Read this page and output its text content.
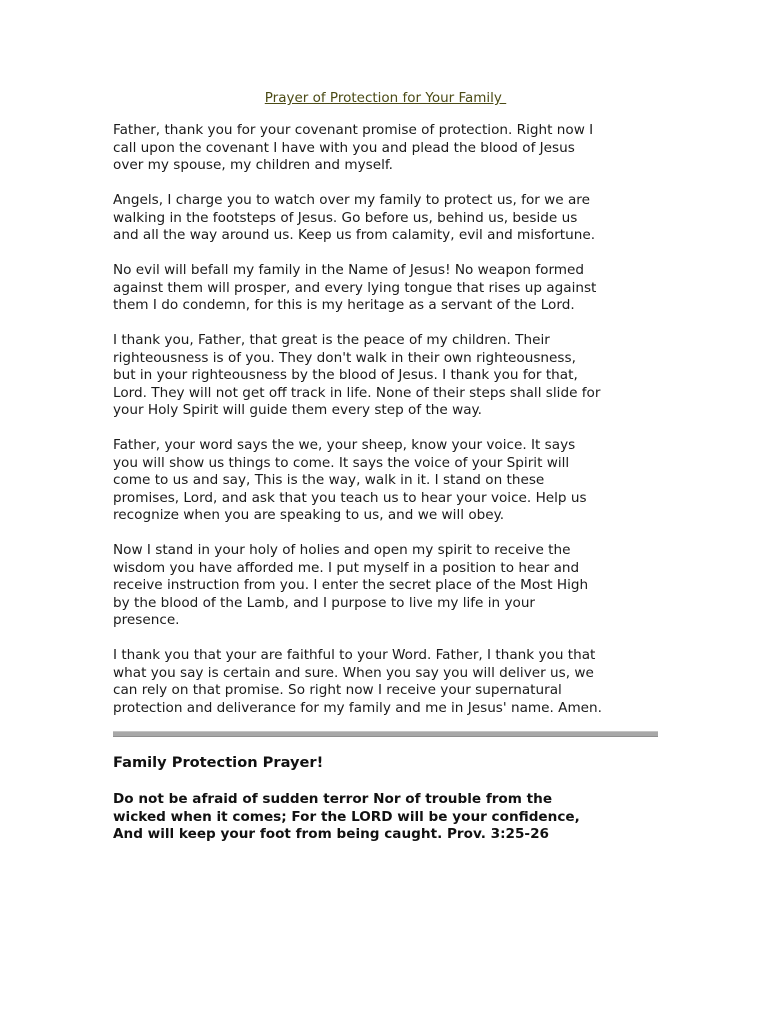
Prayer of Protection for Your Family

Father, thank you for your covenant promise of protection. Right now I
call upon the covenant I have with you and plead the blood of Jesus
over my spouse, my children and myself.

Angels, I charge you to watch over my family to protect us, for we are
walking in the footsteps of Jesus. Go before us, behind us, beside us
and all the way around us. Keep us from calamity, evil and misfortune.

No evil will befall my family in the Name of Jesus! No weapon formed
against them will prosper, and every lying tongue that rises up against
them I do condemn, for this is my heritage as a servant of the Lord.

I thank you, Father, that great is the peace of my children. Their
righteousness is of you. They don't walk in their own righteousness,
but in your righteousness by the blood of Jesus. I thank you for that,
Lord. They will not get off track in life. None of their steps shall slide for
your Holy Spirit will guide them every step of the way.

Father, your word says the we, your sheep, know your voice. It says
you will show us things to come. It says the voice of your Spirit will
come to us and say, This is the way, walk in it. I stand on these
promises, Lord, and ask that you teach us to hear your voice. Help us
recognize when you are speaking to us, and we will obey.

Now I stand in your holy of holies and open my spirit to receive the
wisdom you have afforded me. I put myself in a position to hear and
receive instruction from you. I enter the secret place of the Most High
by the blood of the Lamb, and I purpose to live my life in your
presence.

I thank you that your are faithful to your Word. Father, I thank you that
what you say is certain and sure. When you say you will deliver us, we
can rely on that promise. So right now I receive your supernatural
protection and deliverance for my family and me in Jesus' name. Amen.

Family Protection Prayer!

Do not be afraid of sudden terror Nor of trouble from the
wicked when it comes; For the LORD will be your confidence,
And will keep your foot from being caught. Prov. 3:25-26
